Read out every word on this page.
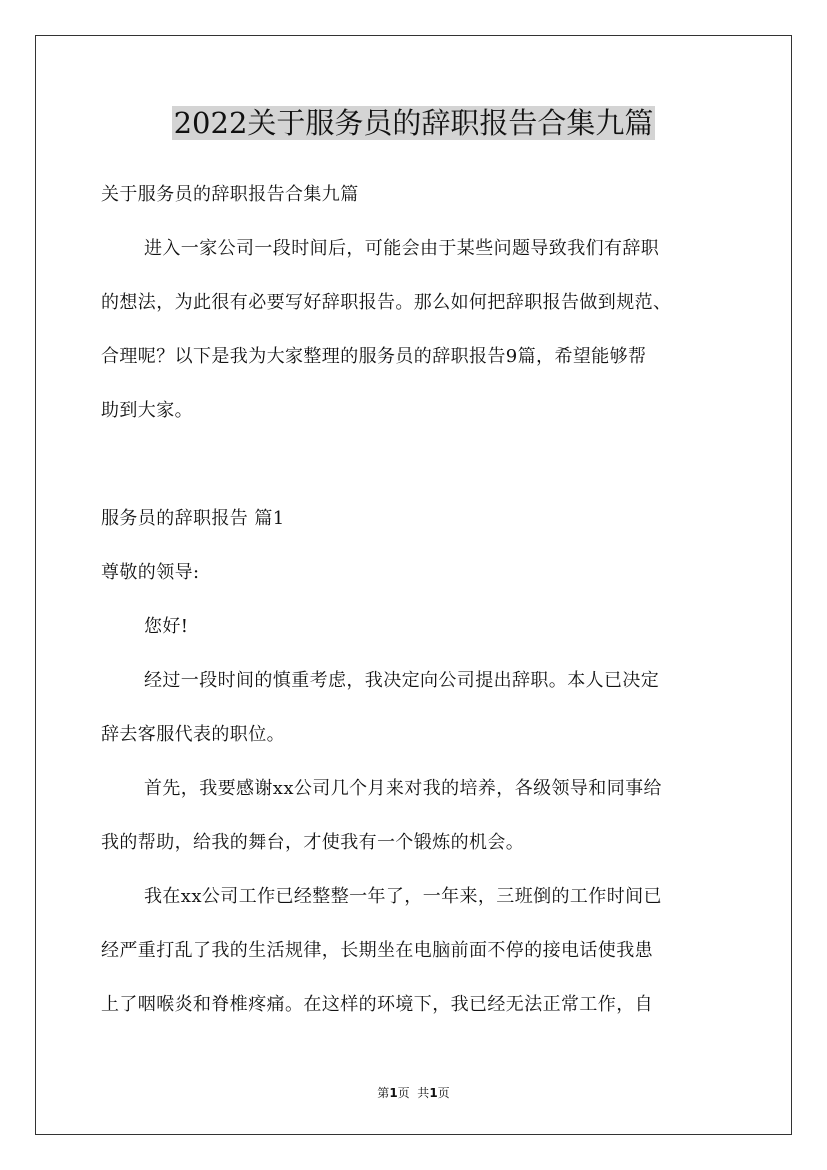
2022关于服务员的辞职报告合集九篇

关于服务员的辞职报告合集九篇

进入一家公司一段时间后，可能会由于某些问题导致我们有辞职

的想法，为此很有必要写好辞职报告。那么如何把辞职报告做到规范、

合理呢？以下是我为大家整理的服务员的辞职报告9篇，希望能够帮

助到大家。

服务员的辞职报告 篇1

尊敬的领导:

您好!

经过一段时间的慎重考虑，我决定向公司提出辞职。本人已决定

辞去客服代表的职位。

首先，我要感谢xx公司几个月来对我的培养，各级领导和同事给

我的帮助，给我的舞台，才使我有一个锻炼的机会。

我在xx公司工作已经整整一年了，一年来，三班倒的工作时间已

经严重打乱了我的生活规律，长期坐在电脑前面不停的接电话使我患

上了咽喉炎和脊椎疼痛。在这样的环境下，我已经无法正常工作，自

第1页  共1页
